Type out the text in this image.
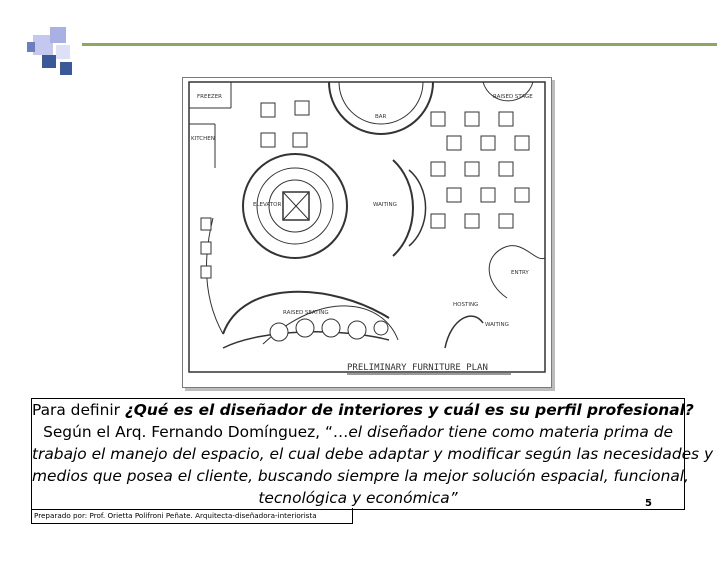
FREEZER
KITCHEN
BAR
RAISED STAGE
ELEVATOR	WAITING
ENTRY
HOSTING
WAITING
RAISED SEATING
PRELIMINARY FURNITURE PLAN
Para definir ¿Qué es el diseñador de interiores y cuál es su perfil profesional?
Según el Arq. Fernando Domínguez, “…el diseñador tiene como materia prima de
trabajo el manejo del espacio, el cual debe adaptar y modificar según las necesidades y
medios que posea el cliente, buscando siempre la mejor solución espacial, funcional,
tecnológica y económica”	5
Preparado por: Prof. Orietta Polifroni Peñate. Arquitecta-diseñadora-interiorista
